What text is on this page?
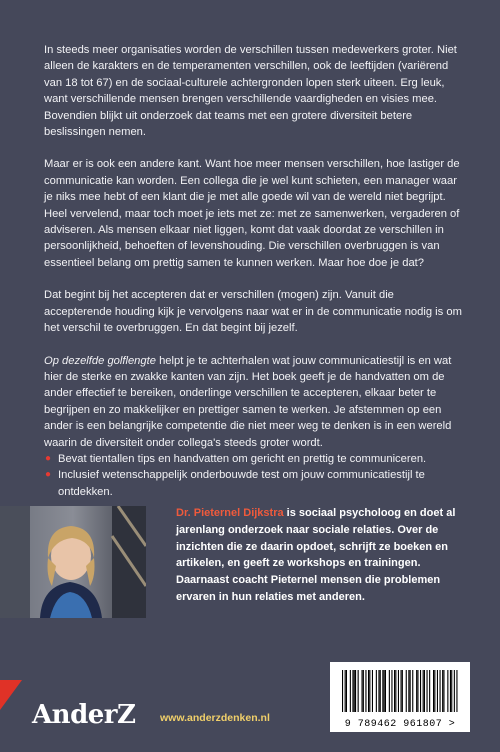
In steeds meer organisaties worden de verschillen tussen medewerkers groter. Niet alleen de karakters en de temperamenten verschillen, ook de leeftijden (variërend van 18 tot 67) en de sociaal-culturele achtergronden lopen sterk uiteen. Erg leuk, want verschillende mensen brengen verschillende vaardigheden en visies mee. Bovendien blijkt uit onderzoek dat teams met een grotere diversiteit betere beslissingen nemen.

Maar er is ook een andere kant. Want hoe meer mensen verschillen, hoe lastiger de communicatie kan worden. Een collega die je wel kunt schieten, een manager waar je niks mee hebt of een klant die je met alle goede wil van de wereld niet begrijpt. Heel vervelend, maar toch moet je iets met ze: met ze samenwerken, vergaderen of adviseren. Als mensen elkaar niet liggen, komt dat vaak doordat ze verschillen in persoonlijkheid, behoeften of levenshouding. Die verschillen overbruggen is van essentieel belang om prettig samen te kunnen werken. Maar hoe doe je dat?

Dat begint bij het accepteren dat er verschillen (mogen) zijn. Vanuit die accepterende houding kijk je vervolgens naar wat er in de communicatie nodig is om het verschil te overbruggen. En dat begint bij jezelf.

Op dezelfde golflengte helpt je te achterhalen wat jouw communicatiestijl is en wat hier de sterke en zwakke kanten van zijn. Het boek geeft je de handvatten om de ander effectief te bereiken, onderlinge verschillen te accepteren, elkaar beter te begrijpen en zo makkelijker en prettiger samen te werken. Je afstemmen op een ander is een belangrijke competentie die niet meer weg te denken is in een wereld waarin de diversiteit onder collega's steeds groter wordt.

● Bevat tientallen tips en handvatten om gericht en prettig te communiceren.
● Inclusief wetenschappelijk onderbouwde test om jouw communicatiestijl te ontdekken.
Dr. Pieternel Dijkstra is sociaal psycholoog en doet al jarenlang onderzoek naar sociale relaties. Over de inzichten die ze daarin opdoet, schrijft ze boeken en artikelen, en geeft ze workshops en trainingen. Daarnaast coacht Pieternel mensen die problemen ervaren in hun relaties met anderen.
AnderZ www.anderzdenken.nl
9 789462 961807 >
